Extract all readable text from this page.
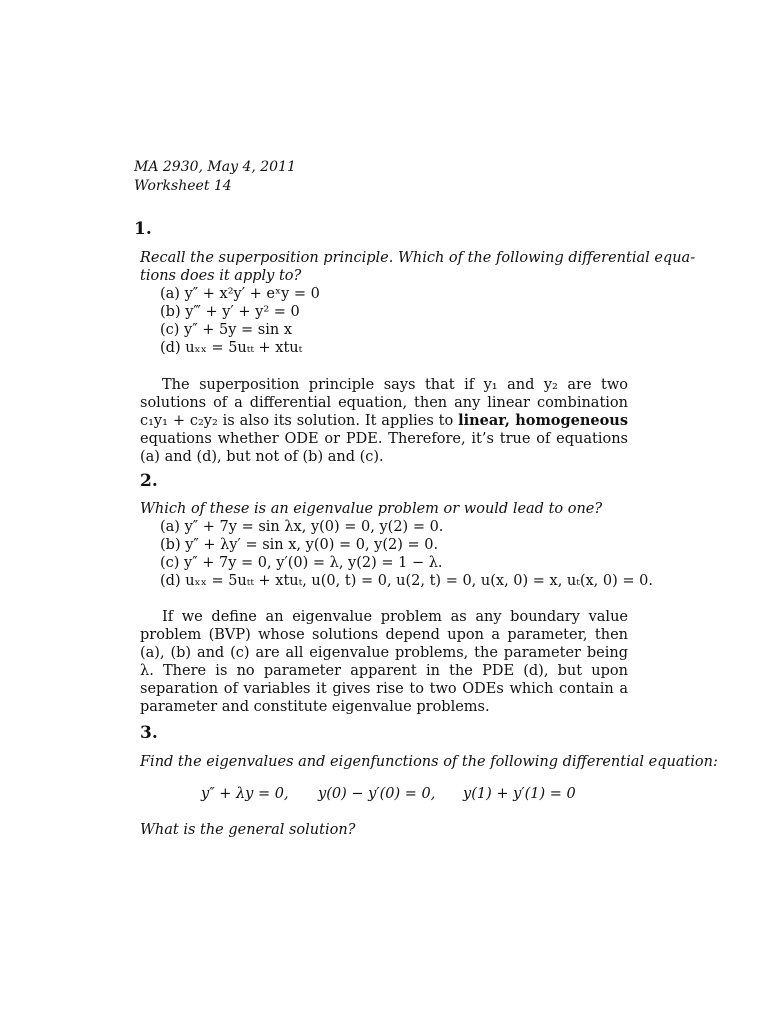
MA 2930, May 4, 2011
Worksheet 14
1.
Recall the superposition principle. Which of the following differential equa-
tions does it apply to?
(a) y″ + x²y′ + eˣy = 0
(b) y‴ + y′ + y² = 0
(c) y″ + 5y = sin x
(d) uₓₓ = 5uₜₜ + xtuₜ

The superposition principle says that if y₁ and y₂ are two solutions of a differential equation, then any linear combination c₁y₁ + c₂y₂ is also its solution. It applies to linear, homogeneous equations whether ODE or PDE. Therefore, it’s true of equations (a) and (d), but not of (b) and (c).

2.
Which of these is an eigenvalue problem or would lead to one?
(a) y″ + 7y = sin λx, y(0) = 0, y(2) = 0.
(b) y″ + λy′ = sin x, y(0) = 0, y(2) = 0.
(c) y″ + 7y = 0, y′(0) = λ, y(2) = 1 − λ.
(d) uₓₓ = 5uₜₜ + xtuₜ, u(0, t) = 0, u(2, t) = 0, u(x, 0) = x, uₜ(x, 0) = 0.

If we define an eigenvalue problem as any boundary value problem (BVP) whose solutions depend upon a parameter, then (a), (b) and (c) are all eigenvalue problems, the parameter being λ. There is no parameter apparent in the PDE (d), but upon separation of variables it gives rise to two ODEs which contain a parameter and constitute eigenvalue problems.

3.
Find the eigenvalues and eigenfunctions of the following differential equation:
y″ + λy = 0, y(0) − y′(0) = 0, y(1) + y′(1) = 0
What is the general solution?
